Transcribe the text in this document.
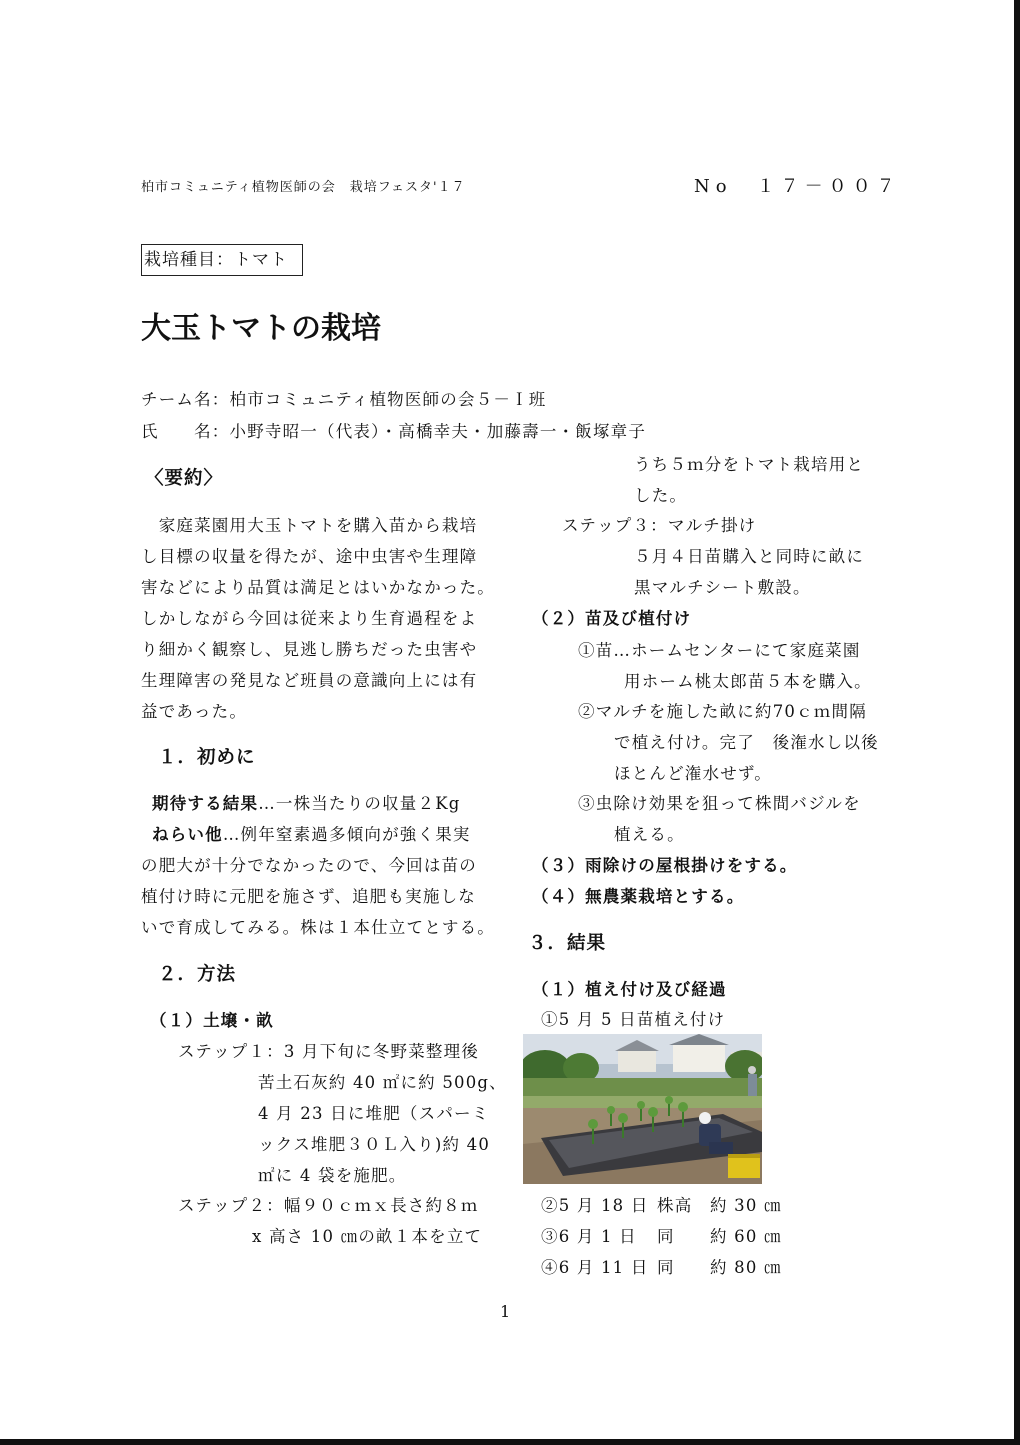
柏市コミュニティ植物医師の会　栽培フェスタ'１７	No　１７－００７
栽培種目：トマト
大玉トマトの栽培
チーム名：柏市コミュニティ植物医師の会５－Ｉ班
氏　　名：小野寺昭一（代表）・高橋幸夫・加藤壽一・飯塚章子
〈要約〉
　家庭菜園用大玉トマトを購入苗から栽培
し目標の収量を得たが、途中虫害や生理障
害などにより品質は満足とはいかなかった。
しかしながら今回は従来より生育過程をよ
り細かく観察し、見逃し勝ちだった虫害や
生理障害の発見など班員の意識向上には有
益であった。
１．初めに
期待する結果…一株当たりの収量２Kg
ねらい他…例年窒素過多傾向が強く果実
の肥大が十分でなかったので、今回は苗の
植付け時に元肥を施さず、追肥も実施しな
いで育成してみる。株は１本仕立てとする。
２．方法
（１）土壌・畝
ステップ１：3 月下旬に冬野菜整理後
苦土石灰約 40 ㎡に約 500g、
4 月 23 日に堆肥（スパーミ
ックス堆肥３０Ｌ入り)約 40
㎡に 4 袋を施肥。
ステップ２：幅９０ｃｍｘ長さ約８ｍ
x 高さ 10 ㎝の畝１本を立て
うち５ｍ分をトマト栽培用と
した。
ステップ３：マルチ掛け
５月４日苗購入と同時に畝に
黒マルチシート敷設。
（２）苗及び植付け
①苗…ホームセンターにて家庭菜園
用ホーム桃太郎苗５本を購入。
②マルチを施した畝に約70ｃｍ間隔
で植え付け。完了　後潅水し以後
ほとんど潅水せず。
③虫除け効果を狙って株間バジルを
植える。
（３）雨除けの屋根掛けをする。
（４）無農薬栽培とする。
３．結果
（１）植え付け及び経過
①5 月 5 日苗植え付け
②5 月 18 日 株高 約 30 ㎝
③6 月 1 日 同 約 60 ㎝
④6 月 11 日 同 約 80 ㎝
1
